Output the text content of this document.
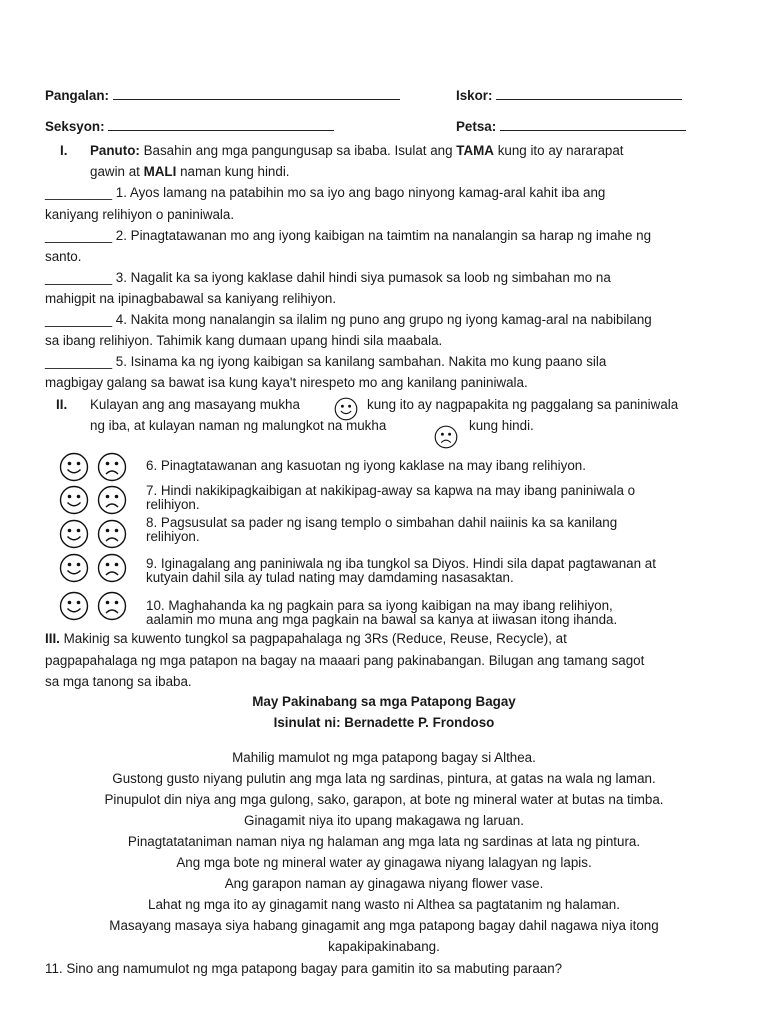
Pangalan:	Iskor:
Seksyon:	Petsa:
I. Panuto: Basahin ang mga pangungusap sa ibaba. Isulat ang TAMA kung ito ay nararapat
gawin at MALI naman kung hindi.
_________ 1. Ayos lamang na patabihin mo sa iyo ang bago ninyong kamag-aral kahit iba ang
kaniyang relihiyon o paniniwala.
_________ 2. Pinagtatawanan mo ang iyong kaibigan na taimtim na nanalangin sa harap ng imahe ng
santo.
_________ 3. Nagalit ka sa iyong kaklase dahil hindi siya pumasok sa loob ng simbahan mo na
mahigpit na ipinagbabawal sa kaniyang relihiyon.
_________ 4. Nakita mong nanalangin sa ilalim ng puno ang grupo ng iyong kamag-aral na nabibilang
sa ibang relihiyon. Tahimik kang dumaan upang hindi sila maabala.
_________ 5. Isinama ka ng iyong kaibigan sa kanilang sambahan. Nakita mo kung paano sila
magbigay galang sa bawat isa kung kaya't nirespeto mo ang kanilang paniniwala.
II. Kulayan ang ang masayang mukha	kung ito ay nagpapakita ng paggalang sa paniniwala
ng iba, at kulayan naman ng malungkot na mukha	kung hindi.
6. Pinagtatawanan ang kasuotan ng iyong kaklase na may ibang relihiyon.
7. Hindi nakikipagkaibigan at nakikipag-away sa kapwa na may ibang paniniwala o
relihiyon.
8. Pagsusulat sa pader ng isang templo o simbahan dahil naiinis ka sa kanilang
relihiyon.
9. Iginagalang ang paniniwala ng iba tungkol sa Diyos. Hindi sila dapat pagtawanan at
kutyain dahil sila ay tulad nating may damdaming nasasaktan.
10. Maghahanda ka ng pagkain para sa iyong kaibigan na may ibang relihiyon,
aalamin mo muna ang mga pagkain na bawal sa kanya at iiwasan itong ihanda.
III. Makinig sa kuwento tungkol sa pagpapahalaga ng 3Rs (Reduce, Reuse, Recycle), at
pagpapahalaga ng mga patapon na bagay na maaari pang pakinabangan. Bilugan ang tamang sagot
sa mga tanong sa ibaba.
May Pakinabang sa mga Patapong Bagay
Isinulat ni: Bernadette P. Frondoso
Mahilig mamulot ng mga patapong bagay si Althea.
Gustong gusto niyang pulutin ang mga lata ng sardinas, pintura, at gatas na wala ng laman.
Pinupulot din niya ang mga gulong, sako, garapon, at bote ng mineral water at butas na timba.
Ginagamit niya ito upang makagawa ng laruan.
Pinagtatataniman naman niya ng halaman ang mga lata ng sardinas at lata ng pintura.
Ang mga bote ng mineral water ay ginagawa niyang lalagyan ng lapis.
Ang garapon naman ay ginagawa niyang flower vase.
Lahat ng mga ito ay ginagamit nang wasto ni Althea sa pagtatanim ng halaman.
Masayang masaya siya habang ginagamit ang mga patapong bagay dahil nagawa niya itong
kapakipakinabang.
11. Sino ang namumulot ng mga patapong bagay para gamitin ito sa mabuting paraan?
